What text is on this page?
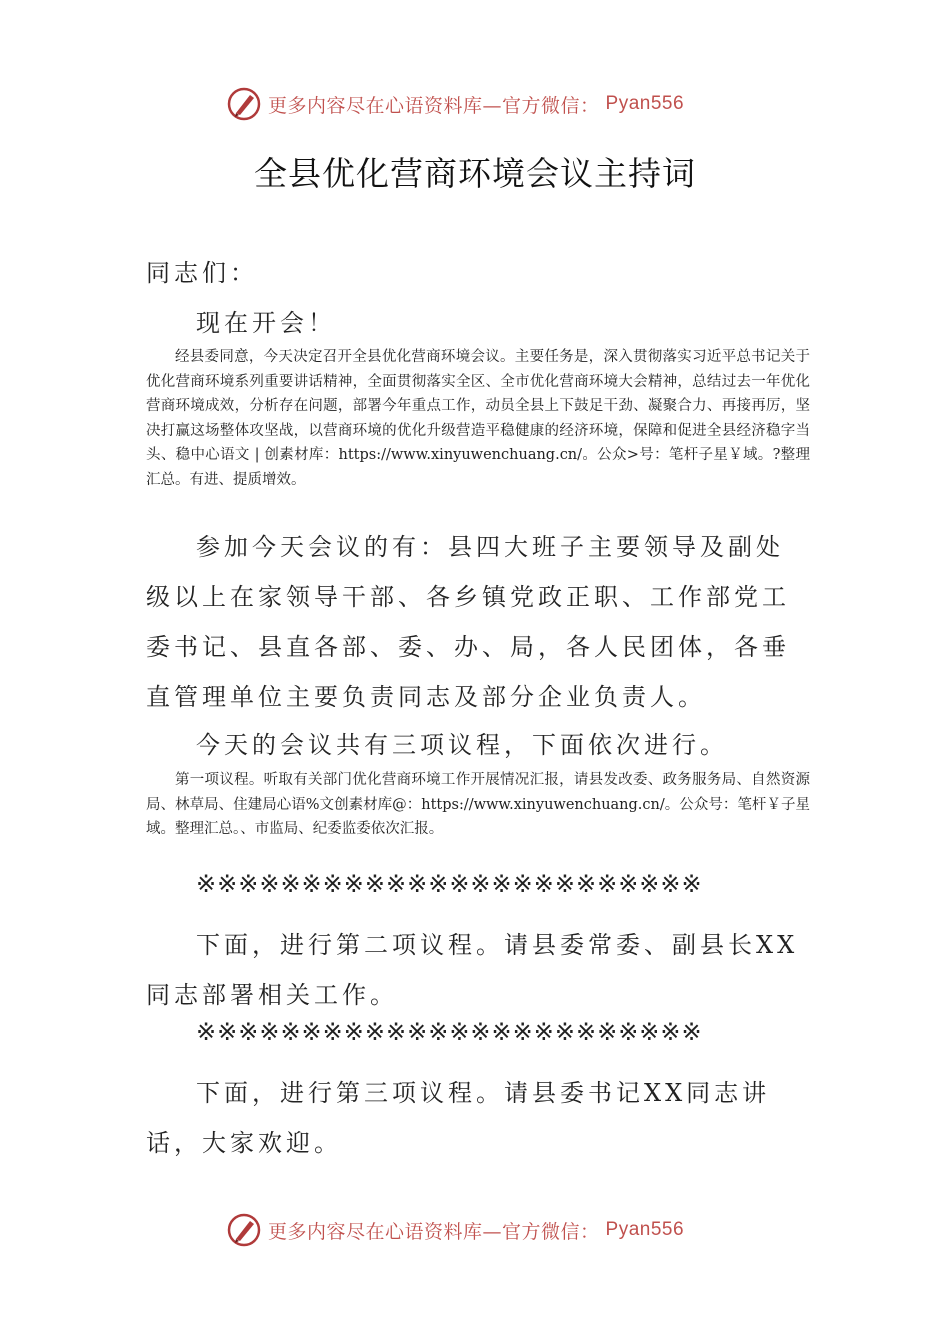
更多内容尽在心语资料库—官方微信： Pyan556
全县优化营商环境会议主持词

同志们：

现在开会！

经县委同意，今天决定召开全县优化营商环境会议。主要任务是，深入贯彻落实习近平总书记关于优化营商环境系列重要讲话精神，全面贯彻落实全区、全市优化营商环境大会精神，总结过去一年优化营商环境成效，分析存在问题，部署今年重点工作，动员全县上下鼓足干劲、凝聚合力、再接再厉，坚决打赢这场整体攻坚战，以营商环境的优化升级营造平稳健康的经济环境，保障和促进全县经济稳字当头、稳中心语文 | 创素材库：https://www.xinyuwenchuang.cn/。公众>号：笔杆子星￥域。?整理汇总。有进、提质增效。

参加今天会议的有：县四大班子主要领导及副处级以上在家领导干部、各乡镇党政正职、工作部党工委书记、县直各部、委、办、局，各人民团体，各垂直管理单位主要负责同志及部分企业负责人。

今天的会议共有三项议程，下面依次进行。

第一项议程。听取有关部门优化营商环境工作开展情况汇报，请县发改委、政务服务局、自然资源局、林草局、住建局心语%文创素材库@：https://www.xinyuwenchuang.cn/。公众号：笔杆￥子星域。整理汇总。、市监局、纪委监委依次汇报。

※※※※※※※※※※※※※※※※※※※※※※※※

下面，进行第二项议程。请县委常委、副县长XX同志部署相关工作。

※※※※※※※※※※※※※※※※※※※※※※※※

下面，进行第三项议程。请县委书记XX同志讲话，大家欢迎。

更多内容尽在心语资料库—官方微信： Pyan556
